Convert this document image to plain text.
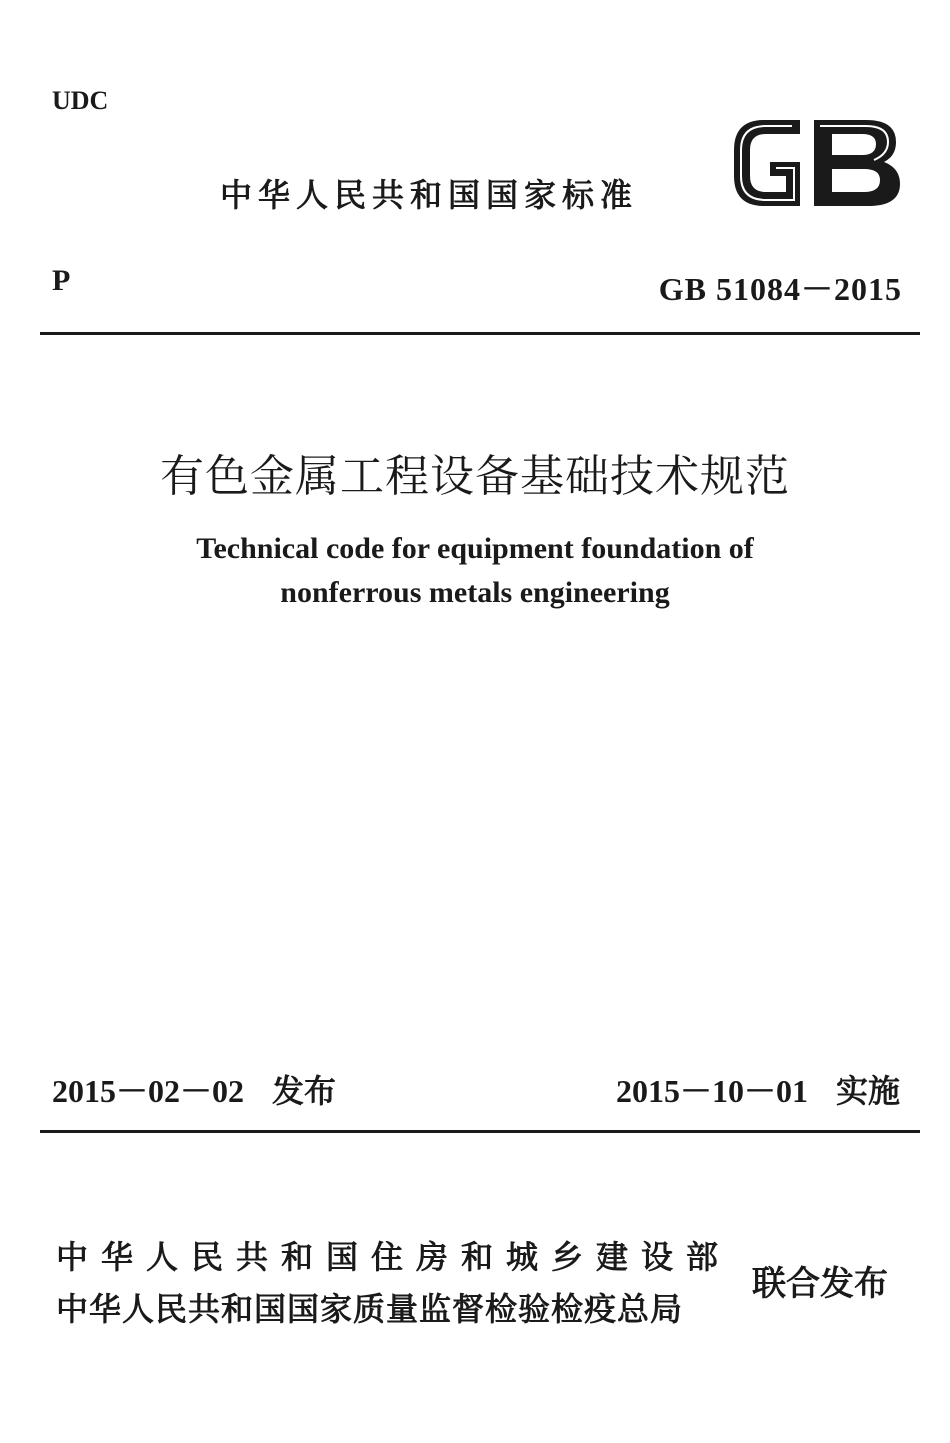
UDC
中华人民共和国国家标准
P	GB 51084－2015
有色金属工程设备基础技术规范
Technical code for equipment foundation of
nonferrous metals engineering
2015－02－02 发布	2015－10－01 实施
中华人民共和国住房和城乡建设部
中华人民共和国国家质量监督检验检疫总局
联合发布
